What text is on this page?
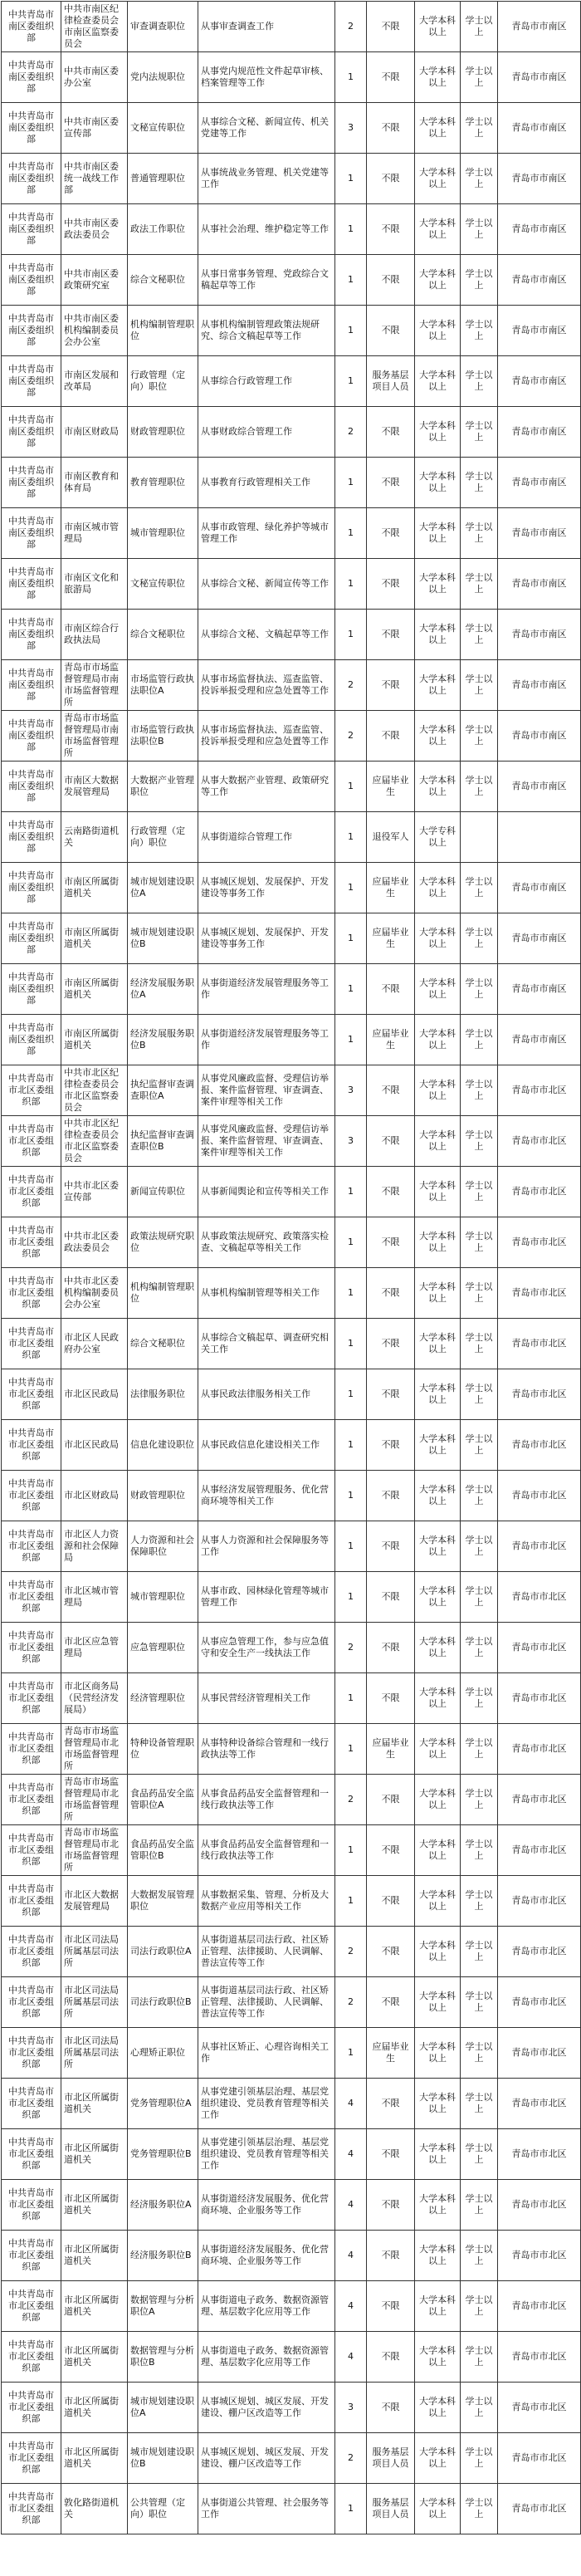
中共青岛市南区委组织部	中共市南区纪律检查委员会市南区监察委员会	审查调查职位	从事审查调查工作	2	不限	大学本科以上	学士以上	青岛市市南区
中共青岛市南区委组织部	中共市南区委办公室	党内法规职位	从事党内规范性文件起草审核、档案管理等工作	1	不限	大学本科以上	学士以上	青岛市市南区
中共青岛市南区委组织部	中共市南区委宣传部	文秘宣传职位	从事综合文秘、新闻宣传、机关党建等工作	3	不限	大学本科以上	学士以上	青岛市市南区
中共青岛市南区委组织部	中共市南区委统一战线工作部	普通管理职位	从事统战业务管理、机关党建等工作	1	不限	大学本科以上	学士以上	青岛市市南区
中共青岛市南区委组织部	中共市南区委政法委员会	政法工作职位	从事社会治理、维护稳定等工作	1	不限	大学本科以上	学士以上	青岛市市南区
中共青岛市南区委组织部	中共市南区委政策研究室	综合文秘职位	从事日常事务管理、党政综合文稿起草等工作	1	不限	大学本科以上	学士以上	青岛市市南区
中共青岛市南区委组织部	中共市南区委机构编制委员会办公室	机构编制管理职位	从事机构编制管理政策法规研究、综合文稿起草等工作	1	不限	大学本科以上	学士以上	青岛市市南区
中共青岛市南区委组织部	市南区发展和改革局	行政管理（定向）职位	从事综合行政管理工作	1	服务基层项目人员	大学本科以上	学士以上	青岛市市南区
中共青岛市南区委组织部	市南区财政局	财政管理职位	从事财政综合管理工作	2	不限	大学本科以上	学士以上	青岛市市南区
中共青岛市南区委组织部	市南区教育和体育局	教育管理职位	从事教育行政管理相关工作	1	不限	大学本科以上	学士以上	青岛市市南区
中共青岛市南区委组织部	市南区城市管理局	城市管理职位	从事市政管理、绿化养护等城市管理工作	1	不限	大学本科以上	学士以上	青岛市市南区
中共青岛市南区委组织部	市南区文化和旅游局	文秘宣传职位	从事综合文秘、新闻宣传等工作	1	不限	大学本科以上	学士以上	青岛市市南区
中共青岛市南区委组织部	市南区综合行政执法局	综合文秘职位	从事综合文秘、文稿起草等工作	1	不限	大学本科以上	学士以上	青岛市市南区
中共青岛市南区委组织部	青岛市市场监督管理局市南市场监督管理所	市场监管行政执法职位A	从事市场监督执法、巡查监管、投诉举报受理和应急处置等工作	2	不限	大学本科以上	学士以上	青岛市市南区
中共青岛市南区委组织部	青岛市市场监督管理局市南市场监督管理所	市场监管行政执法职位B	从事市场监督执法、巡查监管、投诉举报受理和应急处置等工作	2	不限	大学本科以上	学士以上	青岛市市南区
中共青岛市南区委组织部	市南区大数据发展管理局	大数据产业管理职位	从事大数据产业管理、政策研究等工作	1	应届毕业生	大学本科以上	学士以上	青岛市市南区
中共青岛市南区委组织部	云南路街道机关	行政管理（定向）职位	从事街道综合管理工作	1	退役军人	大学专科以上		
中共青岛市南区委组织部	市南区所属街道机关	城市规划建设职位A	从事城区规划、发展保护、开发建设等事务工作	1	应届毕业生	大学本科以上	学士以上	青岛市市南区
中共青岛市南区委组织部	市南区所属街道机关	城市规划建设职位B	从事城区规划、发展保护、开发建设等事务工作	1	应届毕业生	大学本科以上	学士以上	青岛市市南区
中共青岛市南区委组织部	市南区所属街道机关	经济发展服务职位A	从事街道经济发展管理服务等工作	1	不限	大学本科以上	学士以上	青岛市市南区
中共青岛市南区委组织部	市南区所属街道机关	经济发展服务职位B	从事街道经济发展管理服务等工作	1	应届毕业生	大学本科以上	学士以上	青岛市市南区
中共青岛市市北区委组织部	中共市北区纪律检查委员会市北区监察委员会	执纪监督审查调查职位A	从事党风廉政监督、受理信访举报、案件监督管理、审查调查、案件审理等相关工作	3	不限	大学本科以上	学士以上	青岛市市北区
中共青岛市市北区委组织部	中共市北区纪律检查委员会市北区监察委员会	执纪监督审查调查职位B	从事党风廉政监督、受理信访举报、案件监督管理、审查调查、案件审理等相关工作	3	不限	大学本科以上	学士以上	青岛市市北区
中共青岛市市北区委组织部	中共市北区委宣传部	新闻宣传职位	从事新闻舆论和宣传等相关工作	1	不限	大学本科以上	学士以上	青岛市市北区
中共青岛市市北区委组织部	中共市北区委政法委员会	政策法规研究职位	从事政策法规研究、政策落实检查、文稿起草等相关工作	1	不限	大学本科以上	学士以上	青岛市市北区
中共青岛市市北区委组织部	中共市北区委机构编制委员会办公室	机构编制管理职位	从事机构编制管理等相关工作	1	不限	大学本科以上	学士以上	青岛市市北区
中共青岛市市北区委组织部	市北区人民政府办公室	综合文秘职位	从事综合文稿起草、调查研究相关工作	1	不限	大学本科以上	学士以上	青岛市市北区
中共青岛市市北区委组织部	市北区民政局	法律服务职位	从事民政法律服务相关工作	1	不限	大学本科以上	学士以上	青岛市市北区
中共青岛市市北区委组织部	市北区民政局	信息化建设职位	从事民政信息化建设相关工作	1	不限	大学本科以上	学士以上	青岛市市北区
中共青岛市市北区委组织部	市北区财政局	财政管理职位	从事经济发展管理服务、优化营商环境等相关工作	1	不限	大学本科以上	学士以上	青岛市市北区
中共青岛市市北区委组织部	市北区人力资源和社会保障局	人力资源和社会保障职位	从事人力资源和社会保障服务等工作	1	不限	大学本科以上	学士以上	青岛市市北区
中共青岛市市北区委组织部	市北区城市管理局	城市管理职位	从事市政、园林绿化管理等城市管理工作	1	不限	大学本科以上	学士以上	青岛市市北区
中共青岛市市北区委组织部	市北区应急管理局	应急管理职位	从事应急管理工作，参与应急值守和安全生产一线执法工作	2	不限	大学本科以上	学士以上	青岛市市北区
中共青岛市市北区委组织部	市北区商务局（民营经济发展局）	经济管理职位	从事民营经济管理相关工作	1	不限	大学本科以上	学士以上	青岛市市北区
中共青岛市市北区委组织部	青岛市市场监督管理局市北市场监督管理所	特种设备管理职位	从事特种设备综合管理和一线行政执法等工作	1	应届毕业生	大学本科以上	学士以上	青岛市市北区
中共青岛市市北区委组织部	青岛市市场监督管理局市北市场监督管理所	食品药品安全监管职位A	从事食品药品安全监督管理和一线行政执法等工作	2	不限	大学本科以上	学士以上	青岛市市北区
中共青岛市市北区委组织部	青岛市市场监督管理局市北市场监督管理所	食品药品安全监管职位B	从事食品药品安全监督管理和一线行政执法等工作	1	不限	大学本科以上	学士以上	青岛市市北区
中共青岛市市北区委组织部	市北区大数据发展管理局	大数据发展管理职位	从事数据采集、管理、分析及大数据产业应用等相关工作	1	不限	大学本科以上	学士以上	青岛市市北区
中共青岛市市北区委组织部	市北区司法局所属基层司法所	司法行政职位A	从事街道基层司法行政、社区矫正管理、法律援助、人民调解、普法宣传等工作	2	不限	大学本科以上	学士以上	青岛市市北区
中共青岛市市北区委组织部	市北区司法局所属基层司法所	司法行政职位B	从事街道基层司法行政、社区矫正管理、法律援助、人民调解、普法宣传等工作	2	不限	大学本科以上	学士以上	青岛市市北区
中共青岛市市北区委组织部	市北区司法局所属基层司法所	心理矫正职位	从事社区矫正、心理咨询相关工作	1	应届毕业生	大学本科以上	学士以上	青岛市市北区
中共青岛市市北区委组织部	市北区所属街道机关	党务管理职位A	从事党建引领基层治理、基层党组织建设、党员教育管理等相关工作	4	不限	大学本科以上	学士以上	青岛市市北区
中共青岛市市北区委组织部	市北区所属街道机关	党务管理职位B	从事党建引领基层治理、基层党组织建设、党员教育管理等相关工作	4	不限	大学本科以上	学士以上	青岛市市北区
中共青岛市市北区委组织部	市北区所属街道机关	经济服务职位A	从事街道经济发展服务、优化营商环境、企业服务等工作	4	不限	大学本科以上	学士以上	青岛市市北区
中共青岛市市北区委组织部	市北区所属街道机关	经济服务职位B	从事街道经济发展服务、优化营商环境、企业服务等工作	4	不限	大学本科以上	学士以上	青岛市市北区
中共青岛市市北区委组织部	市北区所属街道机关	数据管理与分析职位A	从事街道电子政务、数据资源管理、基层数字化应用等工作	4	不限	大学本科以上	学士以上	青岛市市北区
中共青岛市市北区委组织部	市北区所属街道机关	数据管理与分析职位B	从事街道电子政务、数据资源管理、基层数字化应用等工作	4	不限	大学本科以上	学士以上	青岛市市北区
中共青岛市市北区委组织部	市北区所属街道机关	城市规划建设职位A	从事城区规划、城区发展、开发建设、棚户区改造等工作	3	不限	大学本科以上	学士以上	青岛市市北区
中共青岛市市北区委组织部	市北区所属街道机关	城市规划建设职位B	从事城区规划、城区发展、开发建设、棚户区改造等工作	2	服务基层项目人员	大学本科以上	学士以上	青岛市市北区
中共青岛市市北区委组织部	敦化路街道机关	公共管理（定向）职位	从事街道公共管理、社会服务等工作	1	服务基层项目人员	大学本科以上	学士以上	青岛市市北区
